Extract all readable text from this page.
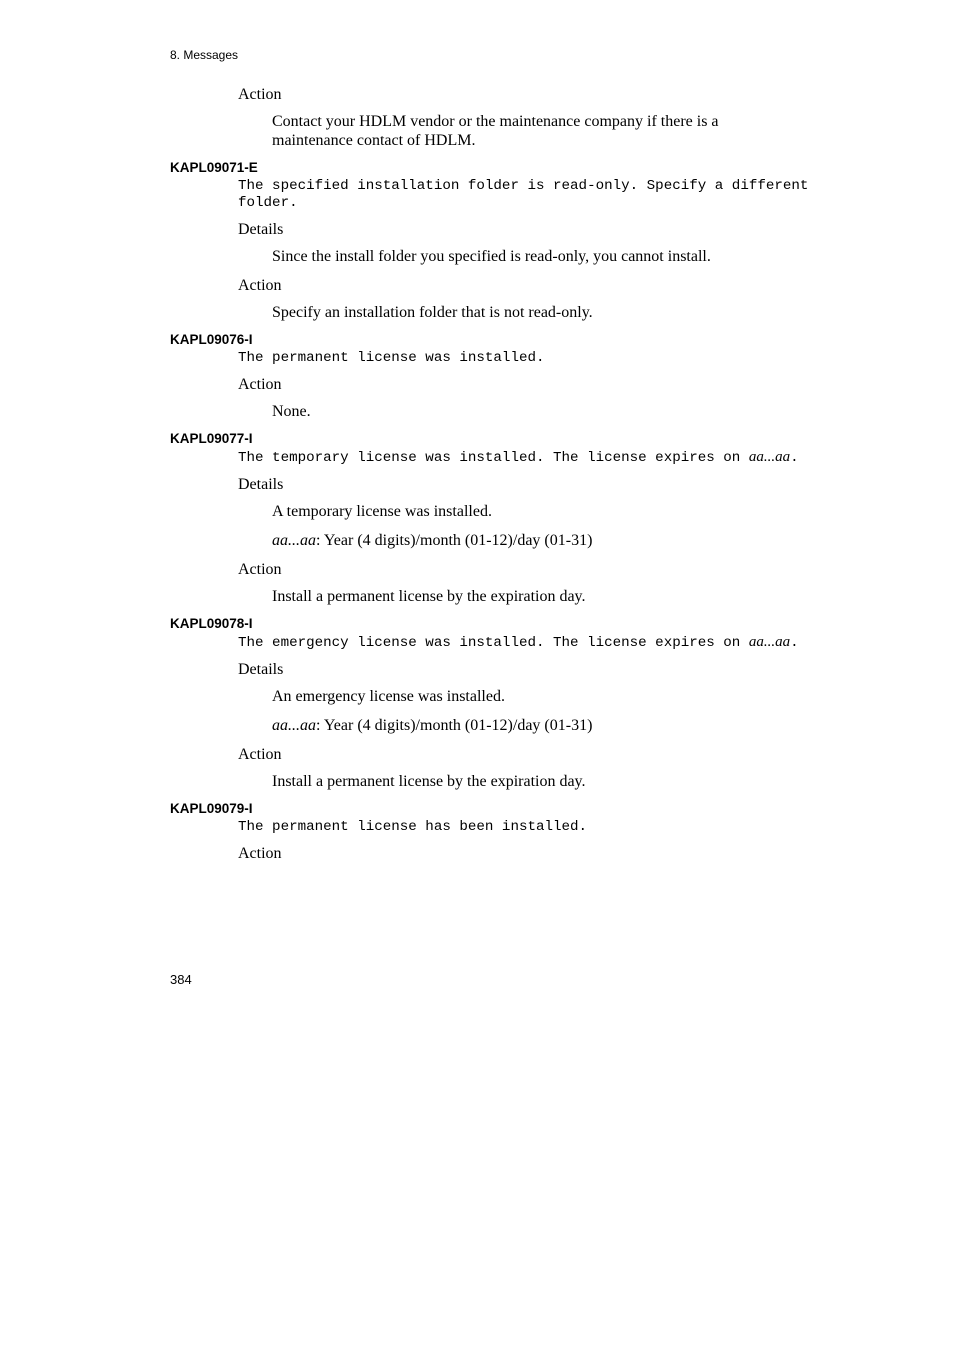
8. Messages
Action

Contact your HDLM vendor or the maintenance company if there is a maintenance contact of HDLM.

KAPL09071-E
The specified installation folder is read-only. Specify a different folder.
Details

Since the install folder you specified is read-only, you cannot install.

Action

Specify an installation folder that is not read-only.

KAPL09076-I
The permanent license was installed.
Action

None.

KAPL09077-I
The temporary license was installed. The license expires on aa...aa.
Details

A temporary license was installed.

aa...aa: Year (4 digits)/month (01-12)/day (01-31)

Action

Install a permanent license by the expiration day.

KAPL09078-I
The emergency license was installed. The license expires on aa...aa.
Details

An emergency license was installed.

aa...aa: Year (4 digits)/month (01-12)/day (01-31)

Action

Install a permanent license by the expiration day.

KAPL09079-I
The permanent license has been installed.
Action
384
